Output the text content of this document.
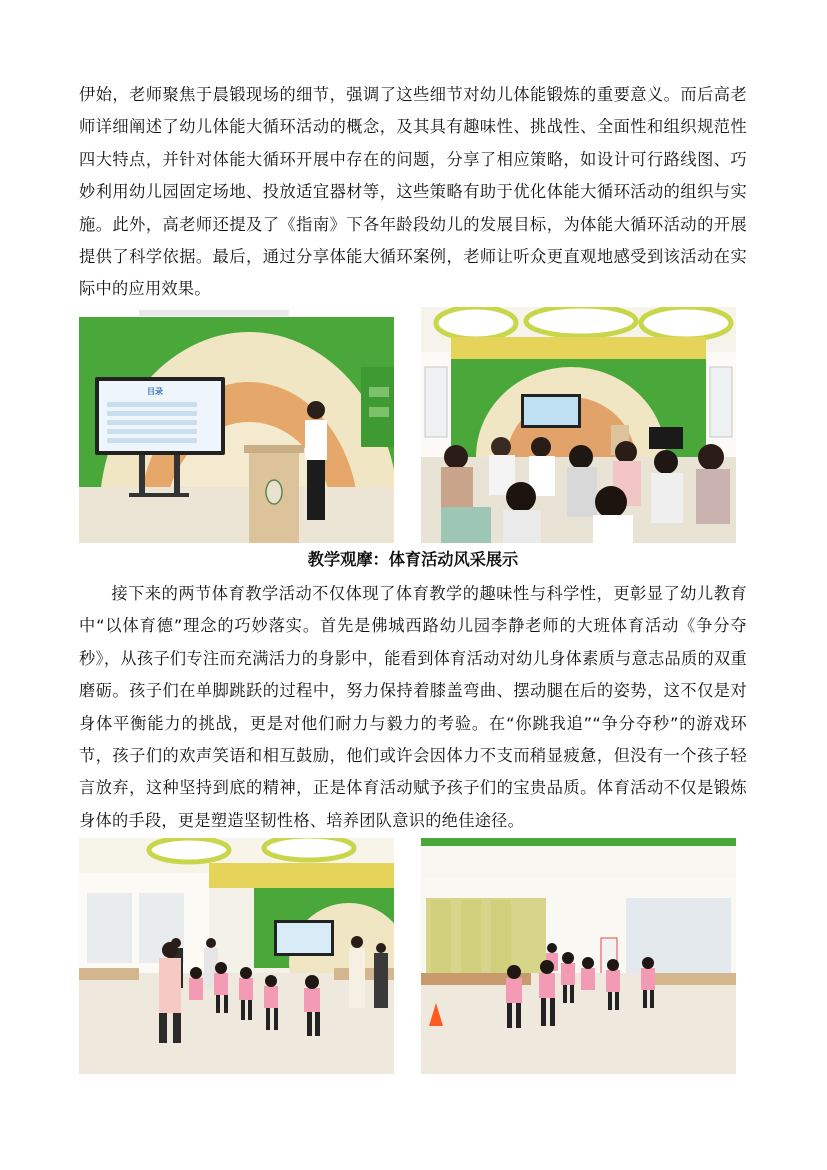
伊始，老师聚焦于晨锻现场的细节，强调了这些细节对幼儿体能锻炼的重要意义。而后高老师详细阐述了幼儿体能大循环活动的概念，及其具有趣味性、挑战性、全面性和组织规范性四大特点，并针对体能大循环开展中存在的问题，分享了相应策略，如设计可行路线图、巧妙利用幼儿园固定场地、投放适宜器材等，这些策略有助于优化体能大循环活动的组织与实施。此外，高老师还提及了《指南》下各年龄段幼儿的发展目标，为体能大循环活动的开展提供了科学依据。最后，通过分享体能大循环案例，老师让听众更直观地感受到该活动在实际中的应用效果。

目录
教学观摩：体育活动风采展示

接下来的两节体育教学活动不仅体现了体育教学的趣味性与科学性，更彰显了幼儿教育中“以体育德”理念的巧妙落实。首先是佛城西路幼儿园李静老师的大班体育活动《争分夺秒》，从孩子们专注而充满活力的身影中，能看到体育活动对幼儿身体素质与意志品质的双重磨砺。孩子们在单脚跳跃的过程中，努力保持着膝盖弯曲、摆动腿在后的姿势，这不仅是对身体平衡能力的挑战，更是对他们耐力与毅力的考验。在“你跳我追”“争分夺秒”的游戏环节，孩子们的欢声笑语和相互鼓励，他们或许会因体力不支而稍显疲惫，但没有一个孩子轻言放弃，这种坚持到底的精神，正是体育活动赋予孩子们的宝贵品质。体育活动不仅是锻炼身体的手段，更是塑造坚韧性格、培养团队意识的绝佳途径。
